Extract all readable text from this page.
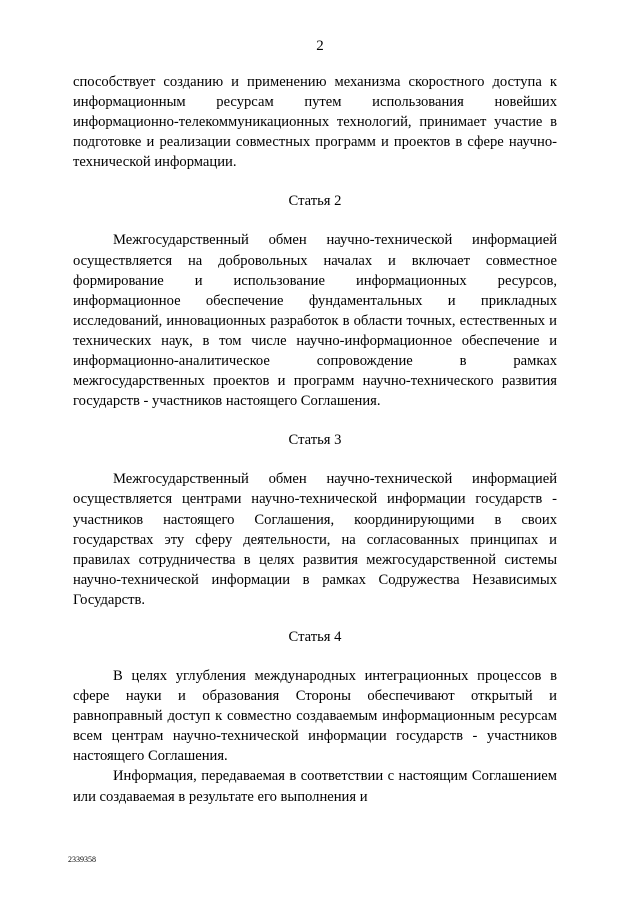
2

способствует созданию и применению механизма скоростного доступа к информационным ресурсам путем использования новейших информационно-телекоммуникационных технологий, принимает участие в подготовке и реализации совместных программ и проектов в сфере научно-технической информации.

Статья 2

Межгосударственный обмен научно-технической информацией осуществляется на добровольных началах и включает совместное формирование и использование информационных ресурсов, информационное обеспечение фундаментальных и прикладных исследований, инновационных разработок в области точных, естественных и технических наук, в том числе научно-информационное обеспечение и информационно-аналитическое сопровождение в рамках межгосударственных проектов и программ научно-технического развития государств - участников настоящего Соглашения.

Статья 3

Межгосударственный обмен научно-технической информацией осуществляется центрами научно-технической информации государств - участников настоящего Соглашения, координирующими в своих государствах эту сферу деятельности, на согласованных принципах и правилах сотрудничества в целях развития межгосударственной системы научно-технической информации в рамках Содружества Независимых Государств.

Статья 4

В целях углубления международных интеграционных процессов в сфере науки и образования Стороны обеспечивают открытый и равноправный доступ к совместно создаваемым информационным ресурсам всем центрам научно-технической информации государств - участников настоящего Соглашения.

Информация, передаваемая в соответствии с настоящим Соглашением или создаваемая в результате его выполнения и

2339358
